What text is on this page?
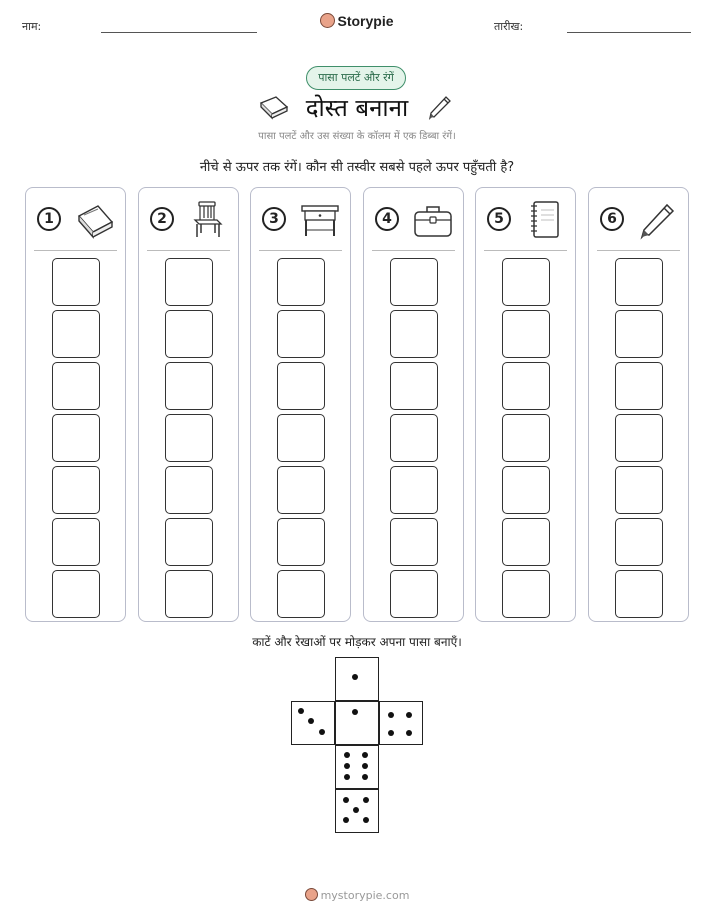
नाम:	Storypie	तारीख:
पासा पलटें और रंगें
दोस्त बनाना
पासा पलटें और उस संख्या के कॉलम में एक डिब्बा रंगें।
नीचे से ऊपर तक रंगें। कौन सी तस्वीर सबसे पहले ऊपर पहुँचती है?
1	2	3	4	5	6
काटें और रेखाओं पर मोड़कर अपना पासा बनाएँ।
mystorypie.com
